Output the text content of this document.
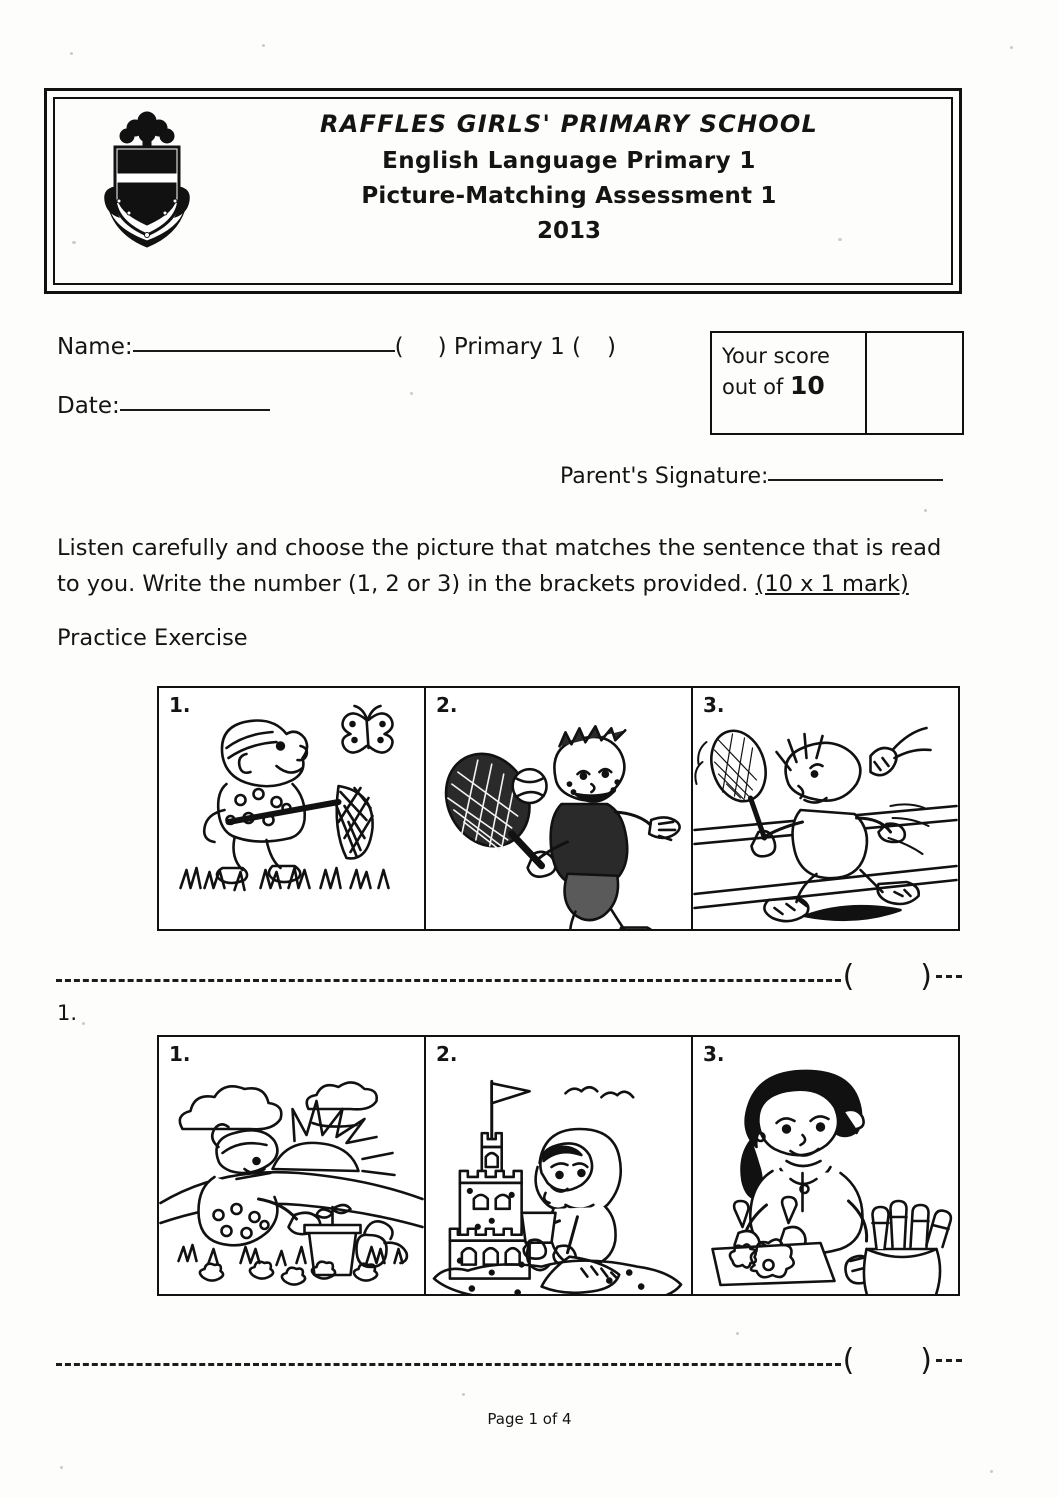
RAFFLES GIRLS' PRIMARY SCHOOL
English Language Primary 1
Picture-Matching Assessment 1
2013
Name:	( ) Primary 1 ( )
Date:
Your score
out of 10
Parent's Signature:
Listen carefully and choose the picture that matches the sentence that is read to you. Write the number (1, 2 or 3) in the brackets provided. (10 x 1 mark)
Practice Exercise
1.	2.	3.
( )
1.
1.	2.	3.
( )
Page 1 of 4
